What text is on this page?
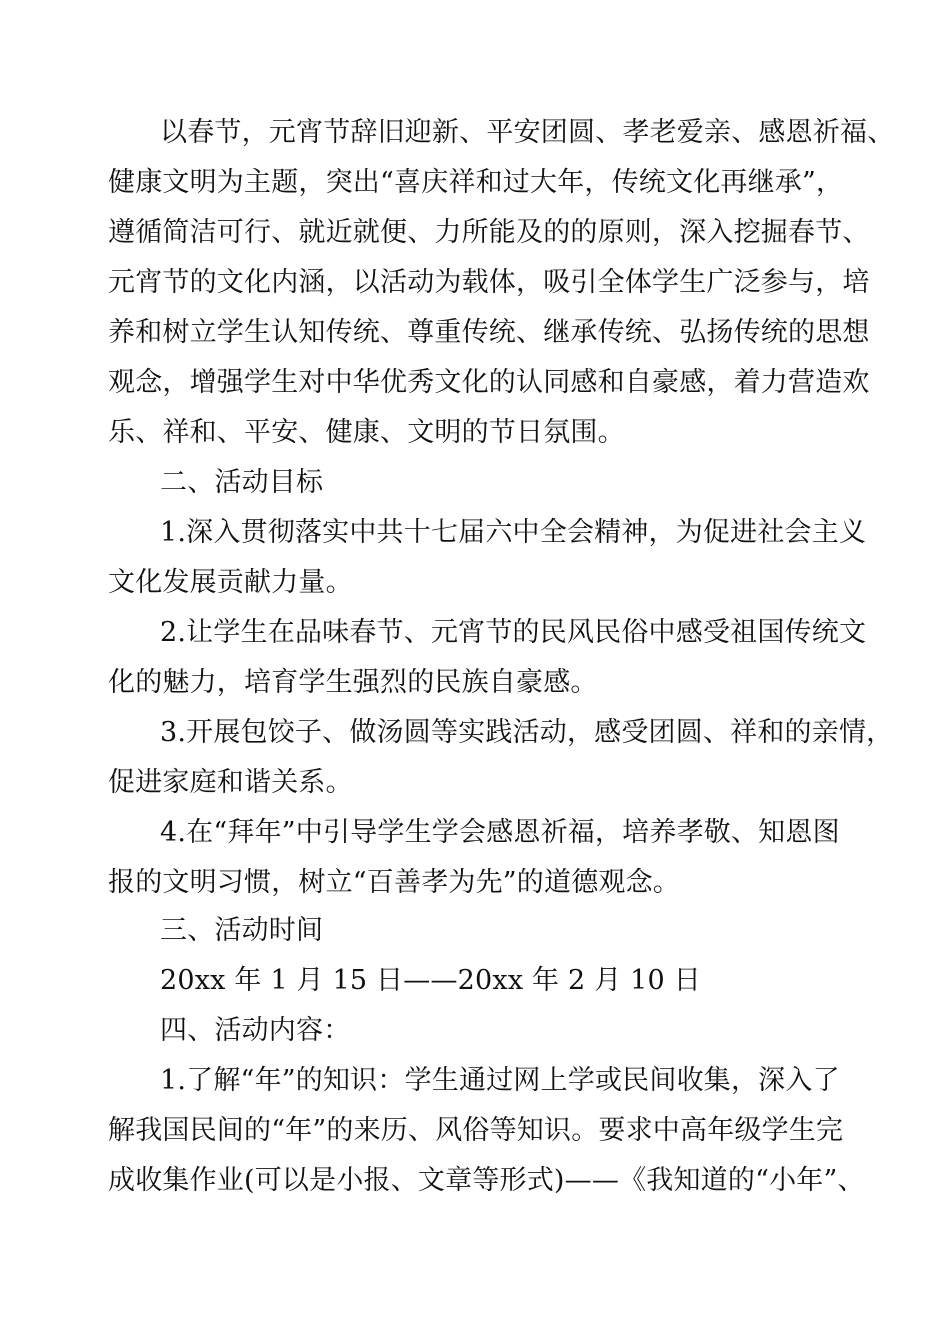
以春节，元宵节辞旧迎新、平安团圆、孝老爱亲、感恩祈福、
健康文明为主题，突出“喜庆祥和过大年，传统文化再继承”，
遵循简洁可行、就近就便、力所能及的的原则，深入挖掘春节、
元宵节的文化内涵，以活动为载体，吸引全体学生广泛参与，培
养和树立学生认知传统、尊重传统、继承传统、弘扬传统的思想
观念，增强学生对中华优秀文化的认同感和自豪感，着力营造欢
乐、祥和、平安、健康、文明的节日氛围。
二、活动目标
1.深入贯彻落实中共十七届六中全会精神，为促进社会主义
文化发展贡献力量。
2.让学生在品味春节、元宵节的民风民俗中感受祖国传统文
化的魅力，培育学生强烈的民族自豪感。
3.开展包饺子、做汤圆等实践活动，感受团圆、祥和的亲情，
促进家庭和谐关系。
4.在“拜年”中引导学生学会感恩祈福，培养孝敬、知恩图
报的文明习惯，树立“百善孝为先”的道德观念。
三、活动时间
20xx 年 1 月 15 日——20xx 年 2 月 10 日
四、活动内容：
1.了解“年”的知识：学生通过网上学或民间收集，深入了
解我国民间的“年”的来历、风俗等知识。要求中高年级学生完
成收集作业(可以是小报、文章等形式)——《我知道的“小年”、
